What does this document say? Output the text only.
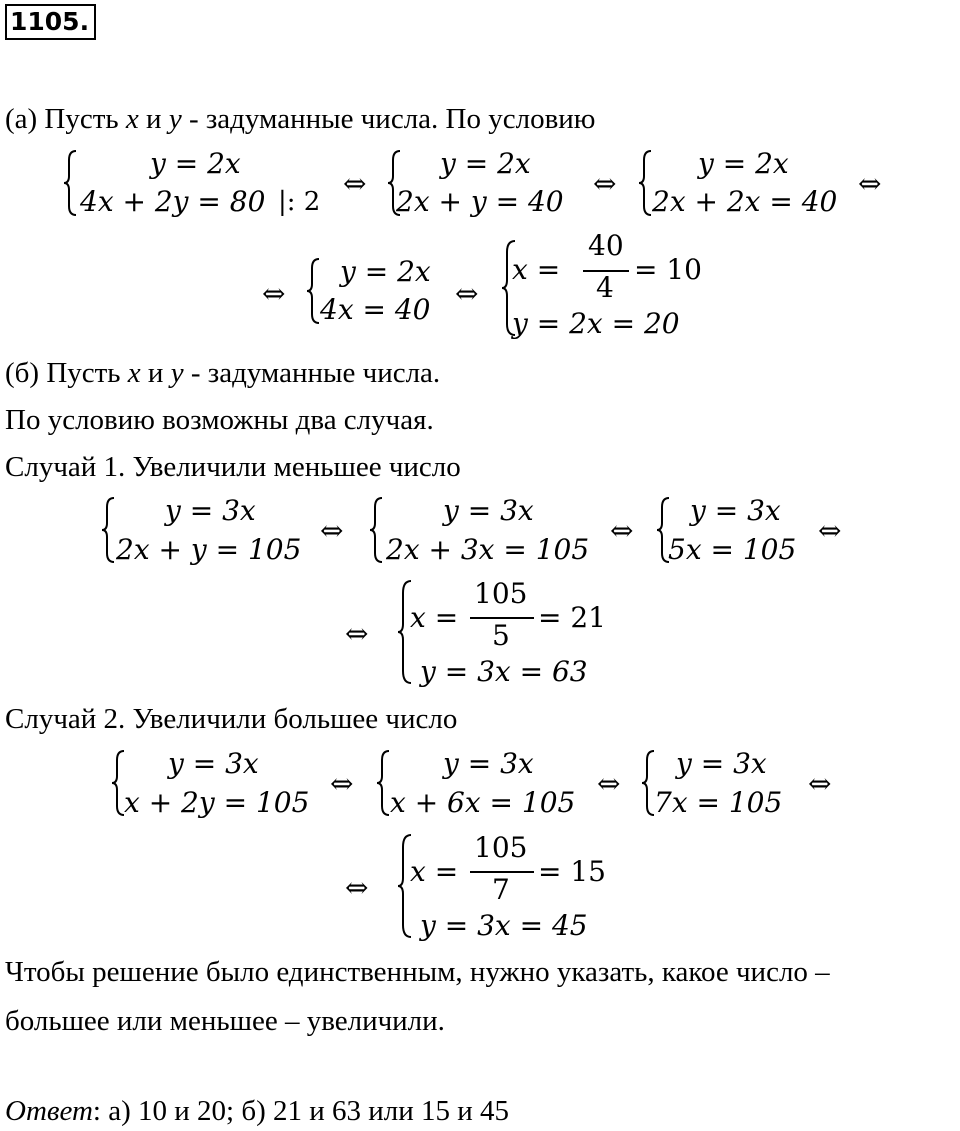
1105.
(а) Пусть x и y - задуманные числа. По условию
y = 2x
4x + 2y = 80 |: 2
⇔
y = 2x
2x + y = 40
⇔
y = 2x
2x + 2x = 40
⇔
⇔
y = 2x
4x = 40 ⇔
x =
40
4
= 10
y = 2x = 20
(б) Пусть x и y - задуманные числа.
По условию возможны два случая.
Случай 1. Увеличили меньшее число
y = 3x
2x + y = 105
⇔
y = 3x
2x + 3x = 105
⇔
y = 3x
5x = 105
⇔
⇔ x =
105
5
= 21
y = 3x = 63
Случай 2. Увеличили большее число
y = 3x
x + 2y = 105
⇔
y = 3x
x + 6x = 105
⇔
y = 3x
7x = 105
⇔
⇔ x =
105
7
= 15
y = 3x = 45
Чтобы решение было единственным, нужно указать, какое число –
большее или меньшее – увеличили.
Ответ: а) 10 и 20; б) 21 и 63 или 15 и 45
